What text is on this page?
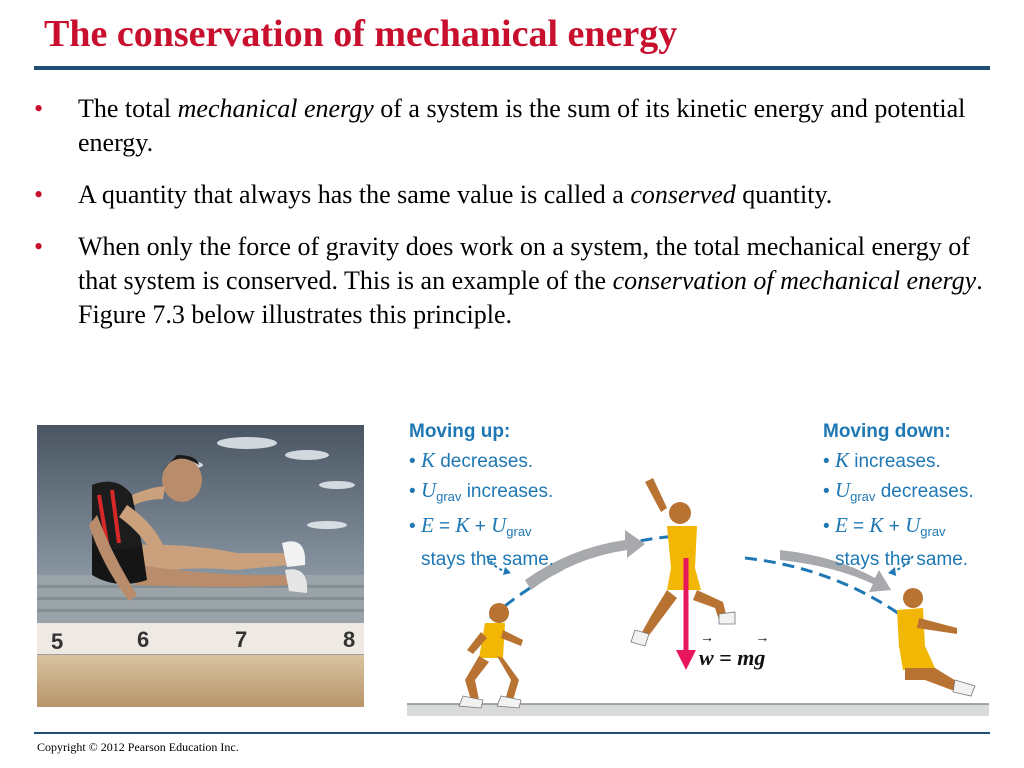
The conservation of mechanical energy
• The total mechanical energy of a system is the sum of its kinetic energy and potential energy.
• A quantity that always has the same value is called a conserved quantity.
• When only the force of gravity does work on a system, the total mechanical energy of that system is conserved. This is an example of the conservation of mechanical energy. Figure 7.3 below illustrates this principle.
5	6	7	8
Moving up:
• K decreases.
• $U_{grav}$ increases.
• $E = K + U_{grav}$
stays the same.
Moving down:
• K increases.
• $U_{grav}$ decreases.
• $E = K + U_{grav}$
stays the same.
→
w = m
→
g
Copyright © 2012 Pearson Education Inc.
